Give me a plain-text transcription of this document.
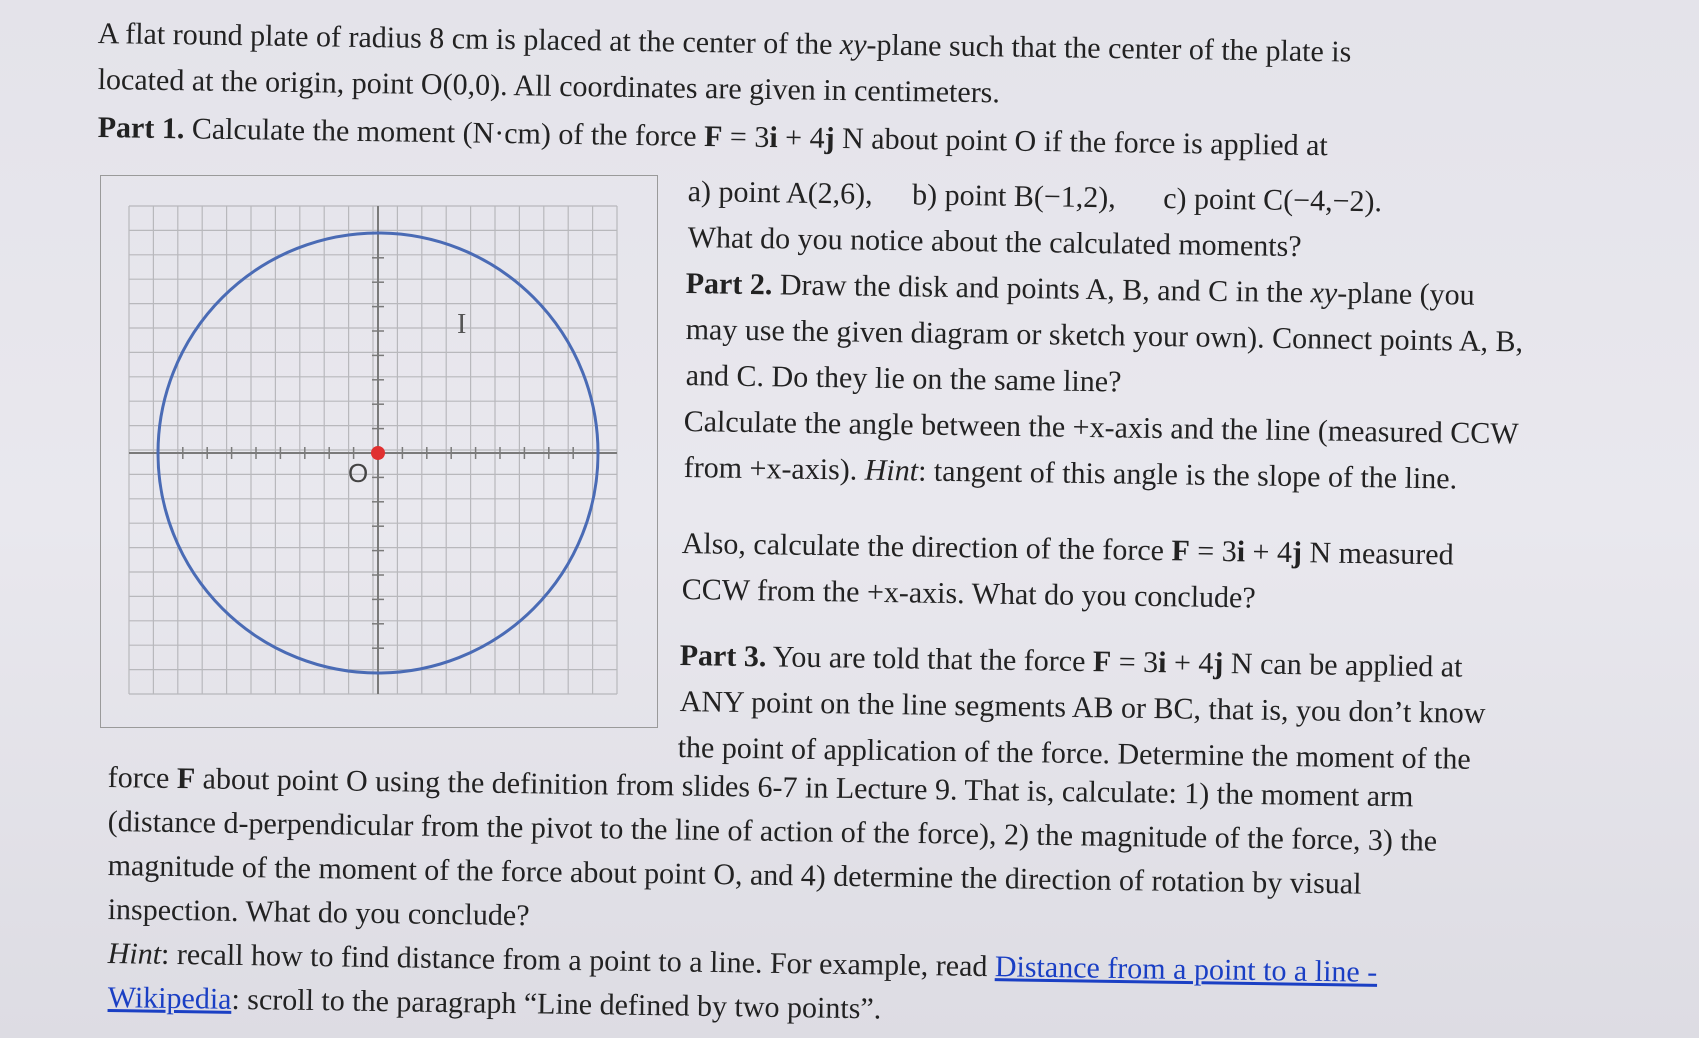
A flat round plate of radius 8 cm is placed at the center of the xy-plane such that the center of the plate is
located at the origin, point O(0,0). All coordinates are given in centimeters.
Part 1. Calculate the moment (N·cm) of the force F = 3i + 4j N about point O if the force is applied at
a) point A(2,6), b) point B(−1,2), c) point C(−4,−2).
What do you notice about the calculated moments?
Part 2. Draw the disk and points A, B, and C in the xy-plane (you
may use the given diagram or sketch your own). Connect points A, B,
and C. Do they lie on the same line?
Calculate the angle between the +x-axis and the line (measured CCW
from +x-axis). Hint: tangent of this angle is the slope of the line.
Also, calculate the direction of the force F = 3i + 4j N measured
CCW from the +x-axis. What do you conclude?
Part 3. You are told that the force F = 3i + 4j N can be applied at
ANY point on the line segments AB or BC, that is, you don’t know
the point of application of the force. Determine the moment of the
force F about point O using the definition from slides 6-7 in Lecture 9. That is, calculate: 1) the moment arm
(distance d-perpendicular from the pivot to the line of action of the force), 2) the magnitude of the force, 3) the
magnitude of the moment of the force about point O, and 4) determine the direction of rotation by visual
inspection. What do you conclude?
Hint: recall how to find distance from a point to a line. For example, read Distance from a point to a line -
Wikipedia: scroll to the paragraph “Line defined by two points”.
O
I
